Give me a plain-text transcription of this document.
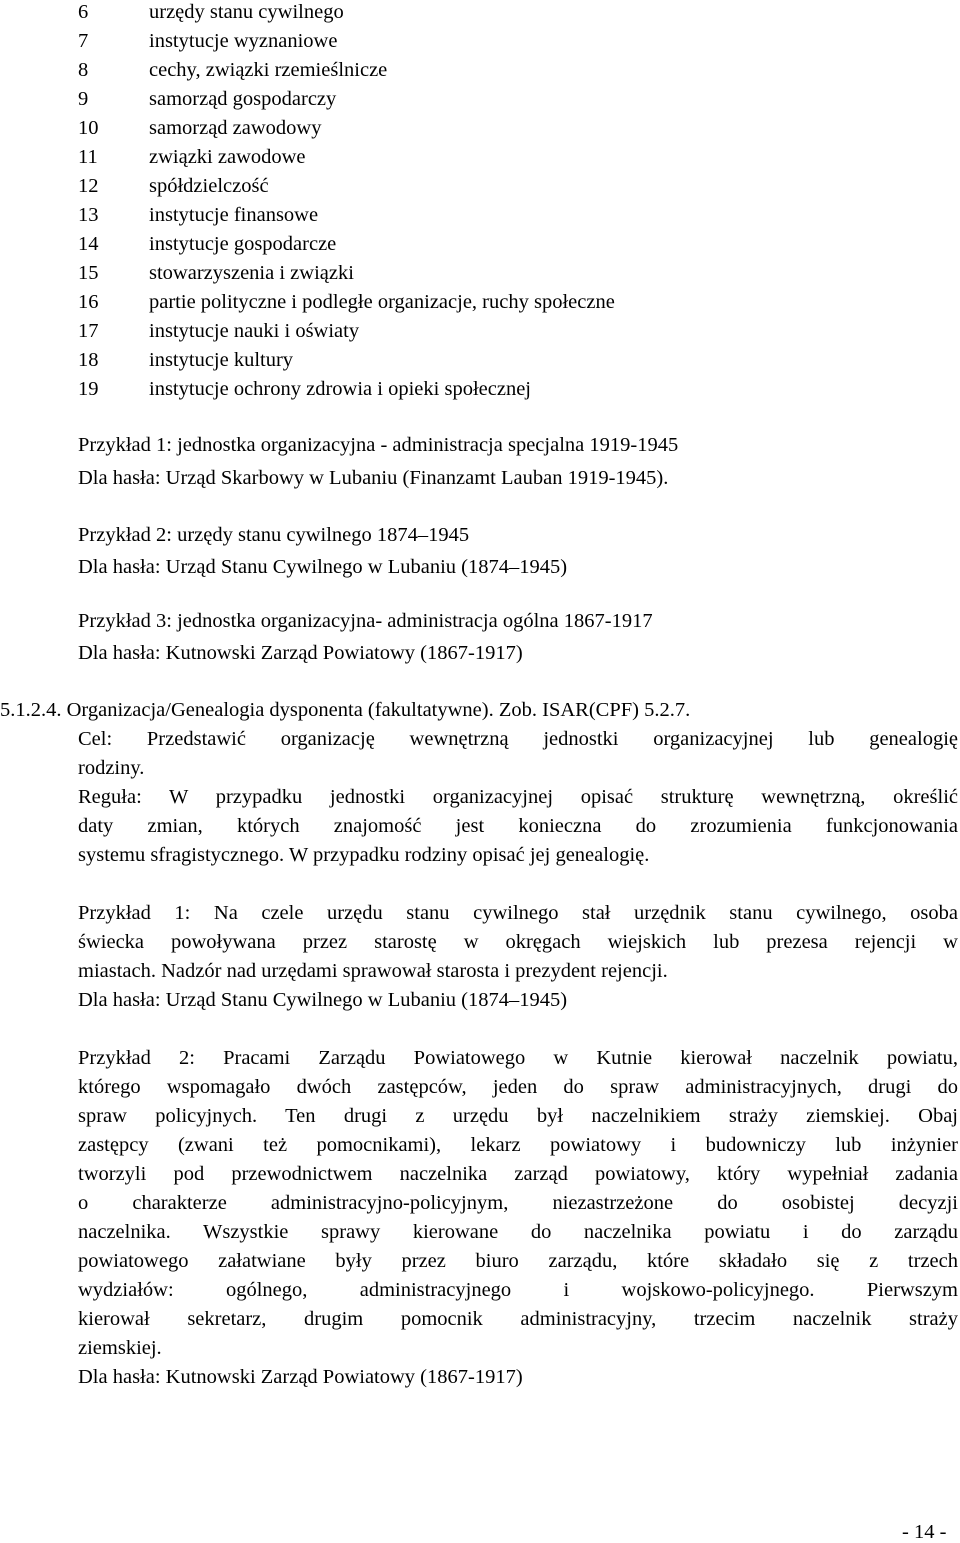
6	urzędy stanu cywilnego
7	instytucje wyznaniowe
8	cechy, związki rzemieślnicze
9	samorząd gospodarczy
10	samorząd zawodowy
11	związki zawodowe
12	spółdzielczość
13	instytucje finansowe
14	instytucje gospodarcze
15	stowarzyszenia i związki
16	partie polityczne i podległe organizacje, ruchy społeczne
17	instytucje nauki i oświaty
18	instytucje kultury
19	instytucje ochrony zdrowia i opieki społecznej
Przykład 1: jednostka organizacyjna - administracja specjalna 1919-1945
Dla hasła: Urząd Skarbowy w Lubaniu (Finanzamt Lauban 1919-1945).
Przykład 2: urzędy stanu cywilnego 1874–1945
Dla hasła: Urząd Stanu Cywilnego w Lubaniu (1874–1945)
Przykład 3: jednostka organizacyjna- administracja ogólna 1867-1917
Dla hasła: Kutnowski Zarząd Powiatowy (1867-1917)
5.1.2.4. Organizacja/Genealogia dysponenta (fakultatywne). Zob. ISAR(CPF) 5.2.7.
Cel: Przedstawić organizację wewnętrzną jednostki organizacyjnej lub genealogię
rodziny.
Reguła: W przypadku jednostki organizacyjnej opisać strukturę wewnętrzną, określić
daty zmian, których znajomość jest konieczna do zrozumienia funkcjonowania
systemu sfragistycznego. W przypadku rodziny opisać jej genealogię.
Przykład 1: Na czele urzędu stanu cywilnego stał urzędnik stanu cywilnego, osoba
świecka powoływana przez starostę w okręgach wiejskich lub prezesa rejencji w
miastach. Nadzór nad urzędami sprawował starosta i prezydent rejencji.
Dla hasła: Urząd Stanu Cywilnego w Lubaniu (1874–1945)
Przykład 2: Pracami Zarządu Powiatowego w Kutnie kierował naczelnik powiatu,
którego wspomagało dwóch zastępców, jeden do spraw administracyjnych, drugi do
spraw policyjnych. Ten drugi z urzędu był naczelnikiem straży ziemskiej. Obaj
zastępcy (zwani też pomocnikami), lekarz powiatowy i budowniczy lub inżynier
tworzyli pod przewodnictwem naczelnika zarząd powiatowy, który wypełniał zadania
o charakterze administracyjno-policyjnym, niezastrzeżone do osobistej decyzji
naczelnika. Wszystkie sprawy kierowane do naczelnika powiatu i do zarządu
powiatowego załatwiane były przez biuro zarządu, które składało się z trzech
wydziałów: ogólnego, administracyjnego i wojskowo-policyjnego. Pierwszym
kierował sekretarz, drugim pomocnik administracyjny, trzecim naczelnik straży
ziemskiej.
Dla hasła: Kutnowski Zarząd Powiatowy (1867-1917)
- 14 -
